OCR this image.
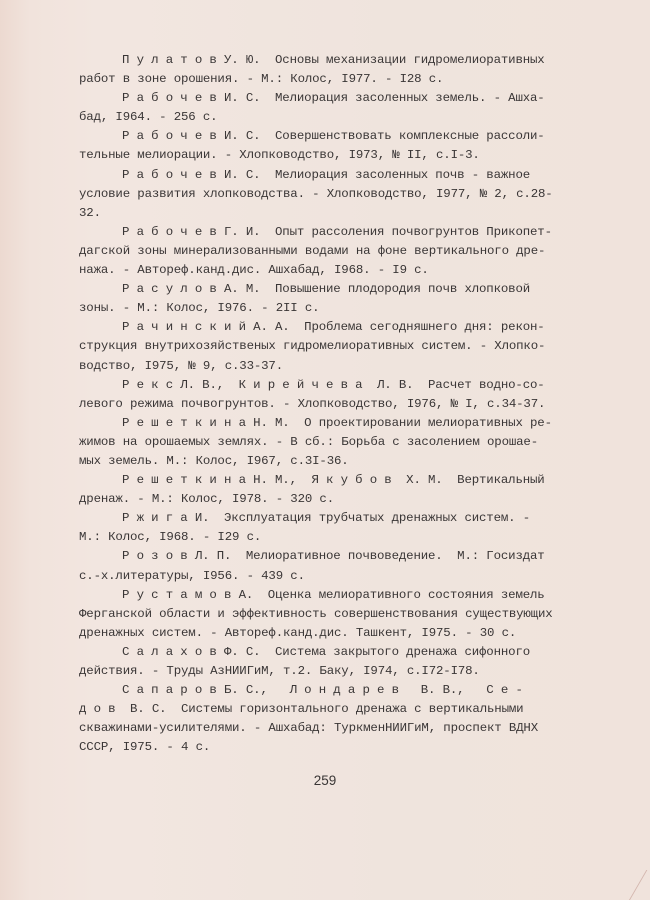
П у л а т о в У. Ю.  Основы механизации гидромелиоративных
работ в зоне орошения. - М.: Колос, I977. - I28 с.
Р а б о ч е в И. С.  Мелиорация засоленных земель. - Ашха-
бад, I964. - 256 с.
Р а б о ч е в И. С.  Совершенствовать комплексные рассоли-
тельные мелиорации. - Хлопководство, I973, № II, с.I-3.
Р а б о ч е в И. С.  Мелиорация засоленных почв - важное
условие развития хлопководства. - Хлопководство, I977, № 2, с.28-
32.
Р а б о ч е в Г. И.  Опыт рассоления почвогрунтов Прикопет-
дагской зоны минерализованными водами на фоне вертикального дре-
нажа. - Автореф.канд.дис. Ашхабад, I968. - I9 с.
Р а с у л о в А. М.  Повышение плодородия почв хлопковой
зоны. - М.: Колос, I976. - 2II с.
Р а ч и н с к и й А. А.  Проблема сегодняшнего дня: рекон-
струкция внутрихозяйственых гидромелиоративных систем. - Хлопко-
водство, I975, № 9, с.33-37.
Р е к с Л. В.,  К и р е й ч е в а  Л. В.  Расчет водно-со-
левого режима почвогрунтов. - Хлопководство, I976, № I, с.34-37.
Р е ш е т к и н а Н. М.  О проектировании мелиоративных ре-
жимов на орошаемых землях. - В сб.: Борьба с засолением орошае-
мых земель. М.: Колос, I967, с.3I-36.
Р е ш е т к и н а Н. М.,  Я к у б о в  Х. М.  Вертикальный
дренаж. - М.: Колос, I978. - 320 с.
Р ж и г а И.  Эксплуатация трубчатых дренажных систем. -
М.: Колос, I968. - I29 с.
Р о з о в Л. П.  Мелиоративное почвоведение.  М.: Госиздат
с.-х.литературы, I956. - 439 с.
Р у с т а м о в А.  Оценка мелиоративного состояния земель
Ферганской области и эффективность совершенствования существующих
дренажных систем. - Автореф.канд.дис. Ташкент, I975. - 30 с.
С а л а х о в Ф. С.  Система закрытого дренажа сифонного
действия. - Труды АзНИИГиМ, т.2. Баку, I974, с.I72-I78.
С а п а р о в Б. С.,   Л о н д а р е в   В. В.,   С е -
д о в  В. С.  Системы горизонтального дренажа с вертикальными
скважинами-усилителями. - Ашхабад: ТуркменНИИГиМ, проспект ВДНХ
СССР, I975. - 4 с.
259
